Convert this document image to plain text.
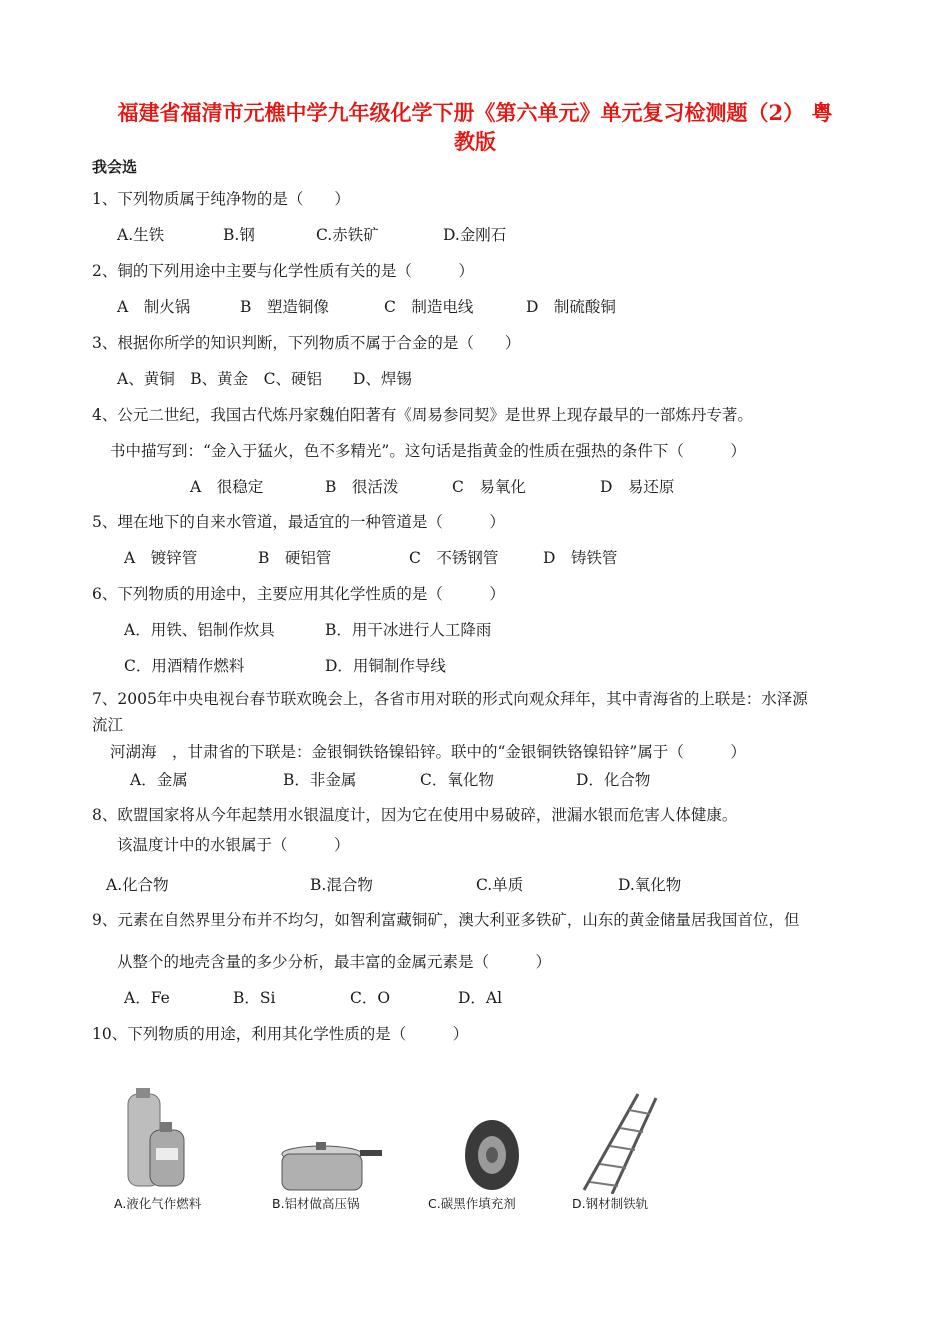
福建省福清市元樵中学九年级化学下册《第六单元》单元复习检测题（2） 粤
教版
我会选
1、下列物质属于纯净物的是（　　）
A.生铁	B.钢	C.赤铁矿	D.金刚石
2、铜的下列用途中主要与化学性质有关的是（　　　）
A　制火锅	B　塑造铜像	C　制造电线	D　制硫酸铜
3、根据你所学的知识判断，下列物质不属于合金的是（　　）
A、黄铜　B、黄金　C、硬铝　　D、焊锡
4、公元二世纪，我国古代炼丹家魏伯阳著有《周易参同契》是世界上现存最早的一部炼丹专著。
书中描写到：“金入于猛火，色不多精光”。这句话是指黄金的性质在强热的条件下（　　　）
A　很稳定	B　很活泼	C　易氧化	D　易还原
5、埋在地下的自来水管道，最适宜的一种管道是（　　　）
A　镀锌管	B　硬铝管	C　不锈钢管	D　铸铁管
6、下列物质的用途中，主要应用其化学性质的是（　　　）
A．用铁、铝制作炊具	B．用干冰进行人工降雨
C．用酒精作燃料	D．用铜制作导线
7、2005年中央电视台春节联欢晚会上，各省市用对联的形式向观众拜年，其中青海省的上联是：水泽源
流江
河湖海　，甘肃省的下联是：金银铜铁铬镍铅锌。联中的“金银铜铁铬镍铅锌”属于（　　　）
A．金属	B．非金属	C．氧化物	D．化合物
8、欧盟国家将从今年起禁用水银温度计，因为它在使用中易破碎，泄漏水银而危害人体健康。
该温度计中的水银属于（　　　）
A.化合物	B.混合物	C.单质	D.氧化物
9、元素在自然界里分布并不均匀，如智利富藏铜矿，澳大利亚多铁矿，山东的黄金储量居我国首位，但
从整个的地壳含量的多少分析，最丰富的金属元素是（　　　）
A．Fe	B．Si	C．O	D．Al
10、下列物质的用途，利用其化学性质的是（　　　）
A.液化气作燃料	B.铝材做高压锅	C.碳黑作填充剂	D.钢材制铁轨
